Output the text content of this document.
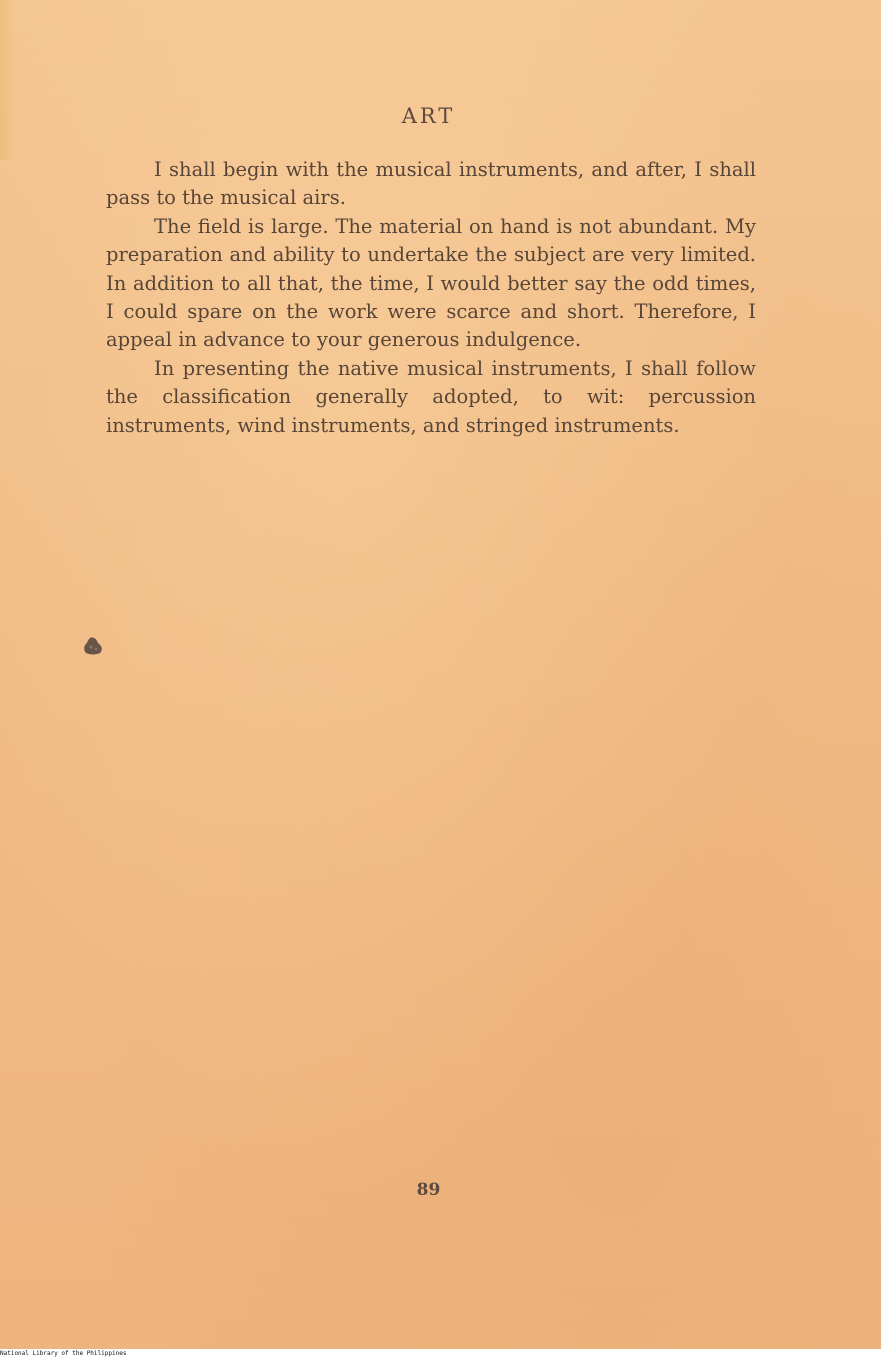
ART

I shall begin with the musical instruments, and after, I shall pass to the musical airs.

The field is large. The material on hand is not abundant. My preparation and ability to undertake the subject are very limited. In addition to all that, the time, I would better say the odd times, I could spare on the work were scarce and short. Therefore, I appeal in advance to your generous indulgence.

In presenting the native musical instruments, I shall follow the classification generally adopted, to wit: percussion instruments, wind instruments, and stringed instruments.

89
National Library of the Philippines
